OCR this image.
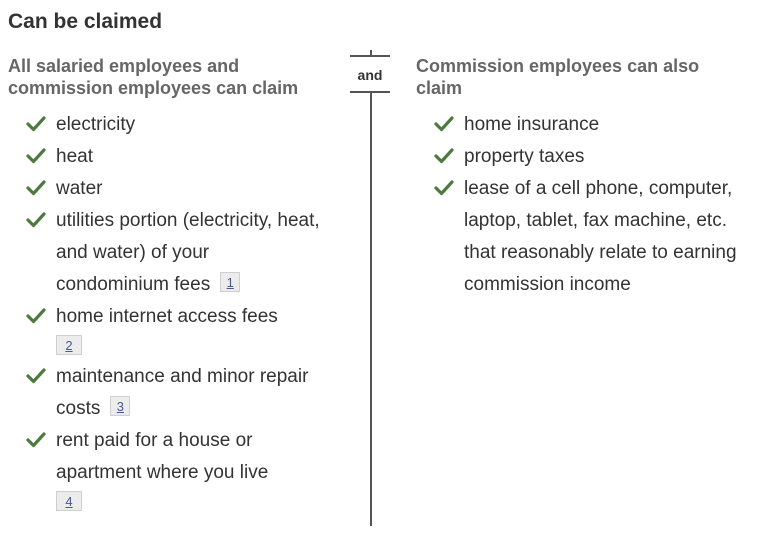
Can be claimed
All salaried employees and commission employees can claim
Commission employees can also claim
and
electricity
heat
water
utilities portion (electricity, heat, and water) of your condominium fees 1
home internet access fees
2
maintenance and minor repair costs 3
rent paid for a house or apartment where you live
4
home insurance
property taxes
lease of a cell phone, computer, laptop, tablet, fax machine, etc. that reasonably relate to earning commission income
